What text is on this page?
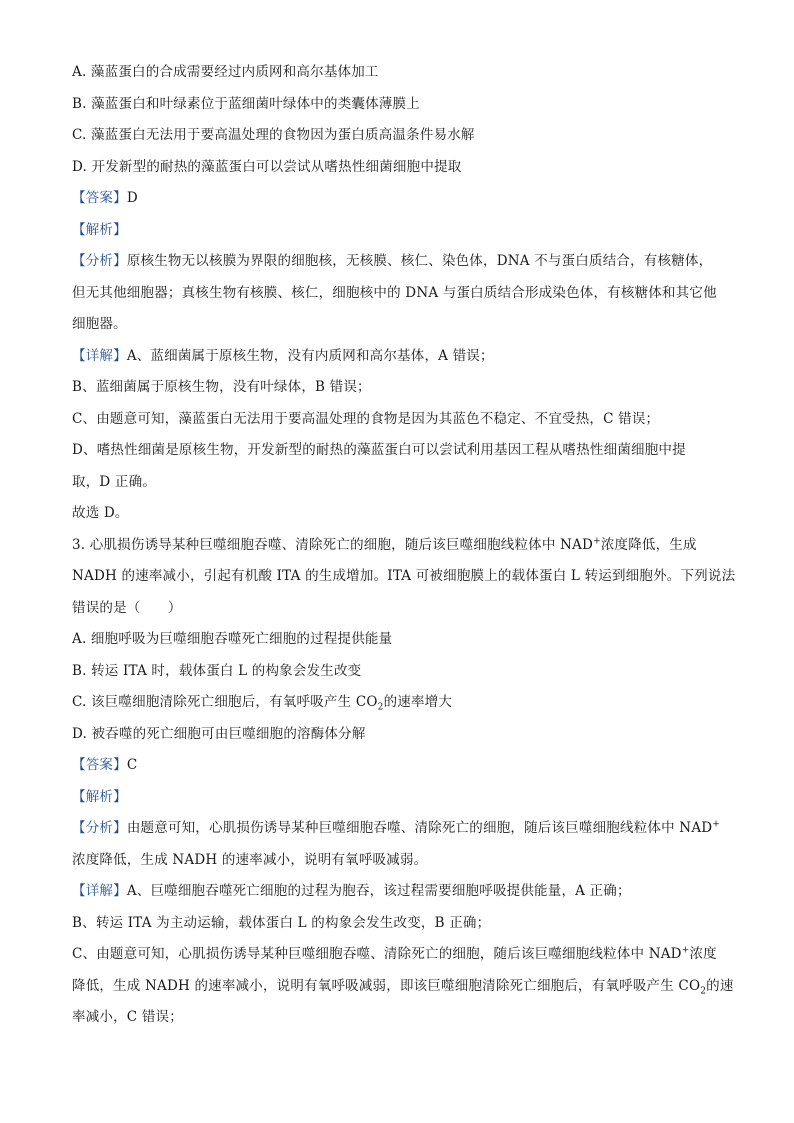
A. 藻蓝蛋白的合成需要经过内质网和高尔基体加工
B. 藻蓝蛋白和叶绿素位于蓝细菌叶绿体中的类囊体薄膜上
C. 藻蓝蛋白无法用于要高温处理的食物因为蛋白质高温条件易水解
D. 开发新型的耐热的藻蓝蛋白可以尝试从嗜热性细菌细胞中提取
【答案】D
【解析】
【分析】原核生物无以核膜为界限的细胞核，无核膜、核仁、染色体，DNA 不与蛋白质结合，有核糖体，
但无其他细胞器；真核生物有核膜、核仁，细胞核中的 DNA 与蛋白质结合形成染色体，有核糖体和其它他
细胞器。
【详解】A、蓝细菌属于原核生物，没有内质网和高尔基体，A 错误；
B、蓝细菌属于原核生物，没有叶绿体，B 错误；
C、由题意可知，藻蓝蛋白无法用于要高温处理的食物是因为其蓝色不稳定、不宜受热，C 错误；
D、嗜热性细菌是原核生物，开发新型的耐热的藻蓝蛋白可以尝试利用基因工程从嗜热性细菌细胞中提
取，D 正确。
故选 D。
3. 心肌损伤诱导某种巨噬细胞吞噬、清除死亡的细胞，随后该巨噬细胞线粒体中 NAD+浓度降低，生成
NADH 的速率减小，引起有机酸 ITA 的生成增加。ITA 可被细胞膜上的载体蛋白 L 转运到细胞外。下列说法
错误的是（　　）
A. 细胞呼吸为巨噬细胞吞噬死亡细胞的过程提供能量
B. 转运 ITA 时，载体蛋白 L 的构象会发生改变
C. 该巨噬细胞清除死亡细胞后，有氧呼吸产生 $CO_2$的速率增大
D. 被吞噬的死亡细胞可由巨噬细胞的溶酶体分解
【答案】C
【解析】
【分析】由题意可知，心肌损伤诱导某种巨噬细胞吞噬、清除死亡的细胞，随后该巨噬细胞线粒体中 NAD+
浓度降低，生成 NADH 的速率减小，说明有氧呼吸减弱。
【详解】A、巨噬细胞吞噬死亡细胞的过程为胞吞，该过程需要细胞呼吸提供能量，A 正确；
B、转运 ITA 为主动运输，载体蛋白 L 的构象会发生改变，B 正确；
C、由题意可知，心肌损伤诱导某种巨噬细胞吞噬、清除死亡的细胞，随后该巨噬细胞线粒体中 NAD+浓度
降低，生成 NADH 的速率减小，说明有氧呼吸减弱，即该巨噬细胞清除死亡细胞后，有氧呼吸产生 $CO_2$的速
率减小，C 错误；
